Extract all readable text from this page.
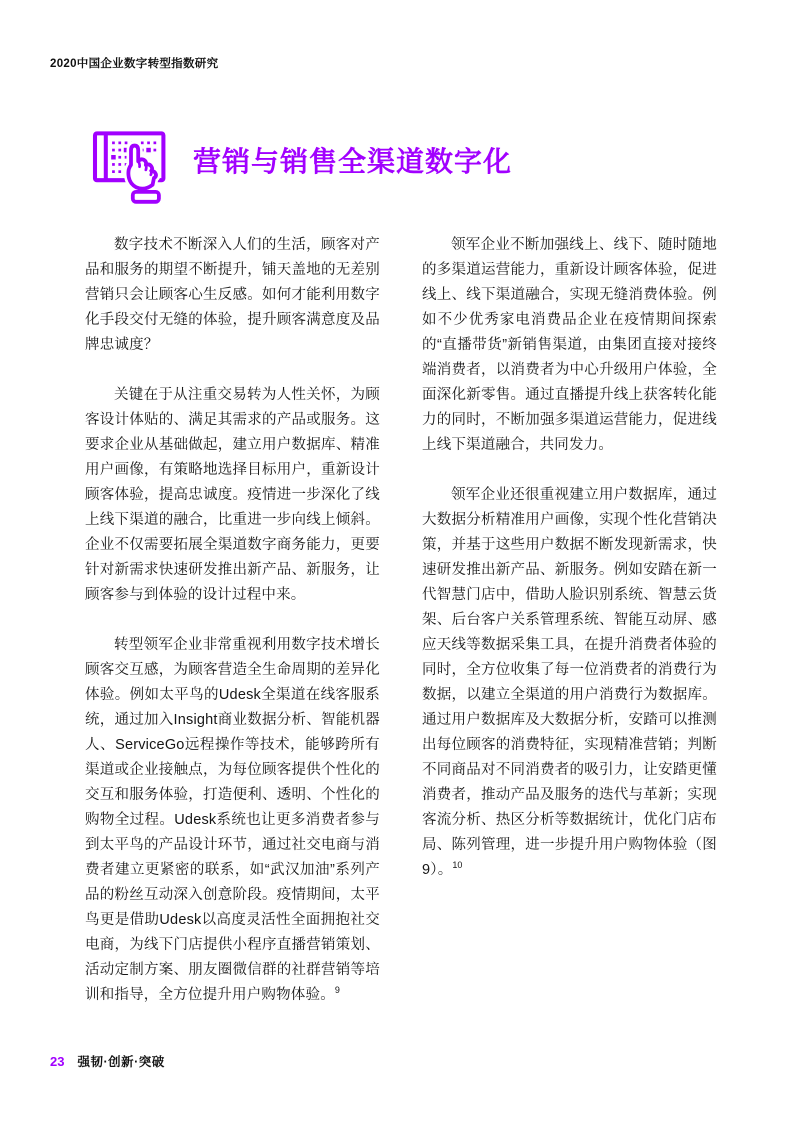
2020中国企业数字转型指数研究
营销与销售全渠道数字化

数字技术不断深入人们的生活，顾客对产品和服务的期望不断提升，铺天盖地的无差别营销只会让顾客心生反感。如何才能利用数字化手段交付无缝的体验，提升顾客满意度及品牌忠诚度？

关键在于从注重交易转为人性关怀，为顾客设计体贴的、满足其需求的产品或服务。这要求企业从基础做起，建立用户数据库、精准用户画像，有策略地选择目标用户，重新设计顾客体验，提高忠诚度。疫情进一步深化了线上线下渠道的融合，比重进一步向线上倾斜。企业不仅需要拓展全渠道数字商务能力，更要针对新需求快速研发推出新产品、新服务，让顾客参与到体验的设计过程中来。

转型领军企业非常重视利用数字技术增长顾客交互感，为顾客营造全生命周期的差异化体验。例如太平鸟的Udesk全渠道在线客服系统，通过加入Insight商业数据分析、智能机器人、ServiceGo远程操作等技术，能够跨所有渠道或企业接触点，为每位顾客提供个性化的交互和服务体验，打造便利、透明、个性化的购物全过程。Udesk系统也让更多消费者参与到太平鸟的产品设计环节，通过社交电商与消费者建立更紧密的联系，如“武汉加油”系列产品的粉丝互动深入创意阶段。疫情期间，太平鸟更是借助Udesk以高度灵活性全面拥抱社交电商，为线下门店提供小程序直播营销策划、活动定制方案、朋友圈微信群的社群营销等培训和指导，全方位提升用户购物体验。$^9$

领军企业不断加强线上、线下、随时随地的多渠道运营能力，重新设计顾客体验，促进线上、线下渠道融合，实现无缝消费体验。例如不少优秀家电消费品企业在疫情期间探索的“直播带货”新销售渠道，由集团直接对接终端消费者，以消费者为中心升级用户体验，全面深化新零售。通过直播提升线上获客转化能力的同时，不断加强多渠道运营能力，促进线上线下渠道融合，共同发力。

领军企业还很重视建立用户数据库，通过大数据分析精准用户画像，实现个性化营销决策，并基于这些用户数据不断发现新需求，快速研发推出新产品、新服务。例如安踏在新一代智慧门店中，借助人脸识别系统、智慧云货架、后台客户关系管理系统、智能互动屏、感应天线等数据采集工具，在提升消费者体验的同时，全方位收集了每一位消费者的消费行为数据，以建立全渠道的用户消费行为数据库。通过用户数据库及大数据分析，安踏可以推测出每位顾客的消费特征，实现精准营销；判断不同商品对不同消费者的吸引力，让安踏更懂消费者，推动产品及服务的迭代与革新；实现客流分析、热区分析等数据统计，优化门店布局、陈列管理，进一步提升用户购物体验（图9）。$^{10}$

23 强韧·创新·突破
